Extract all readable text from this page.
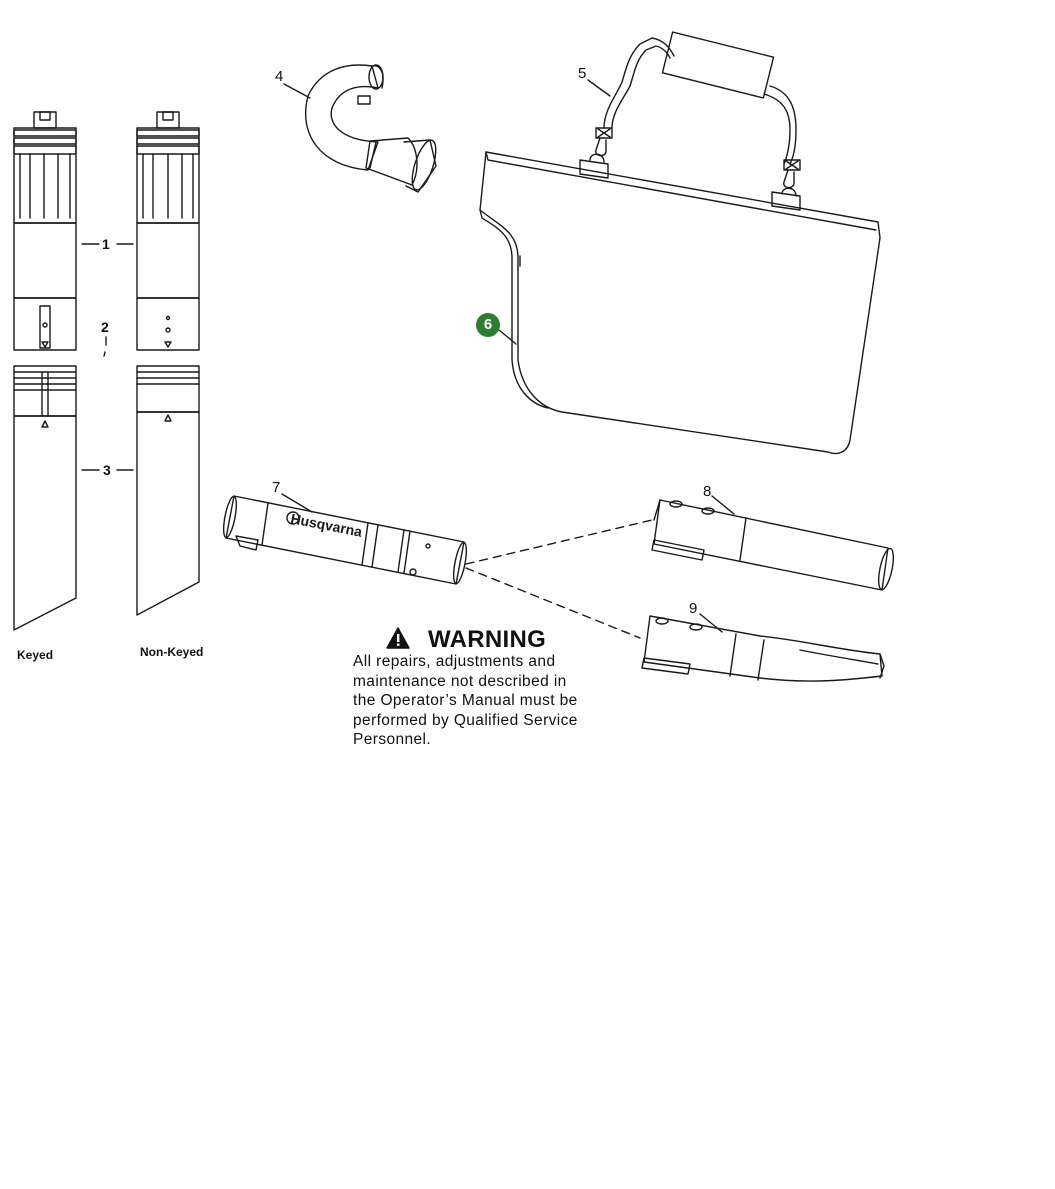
Husqvarna
1
2
3
4	5
6
7	8
9
Keyed	Non-Keyed	WARNING
All repairs, adjustments and
maintenance not described in
the Operator’s Manual must be
performed by Qualified Service
Personnel.
